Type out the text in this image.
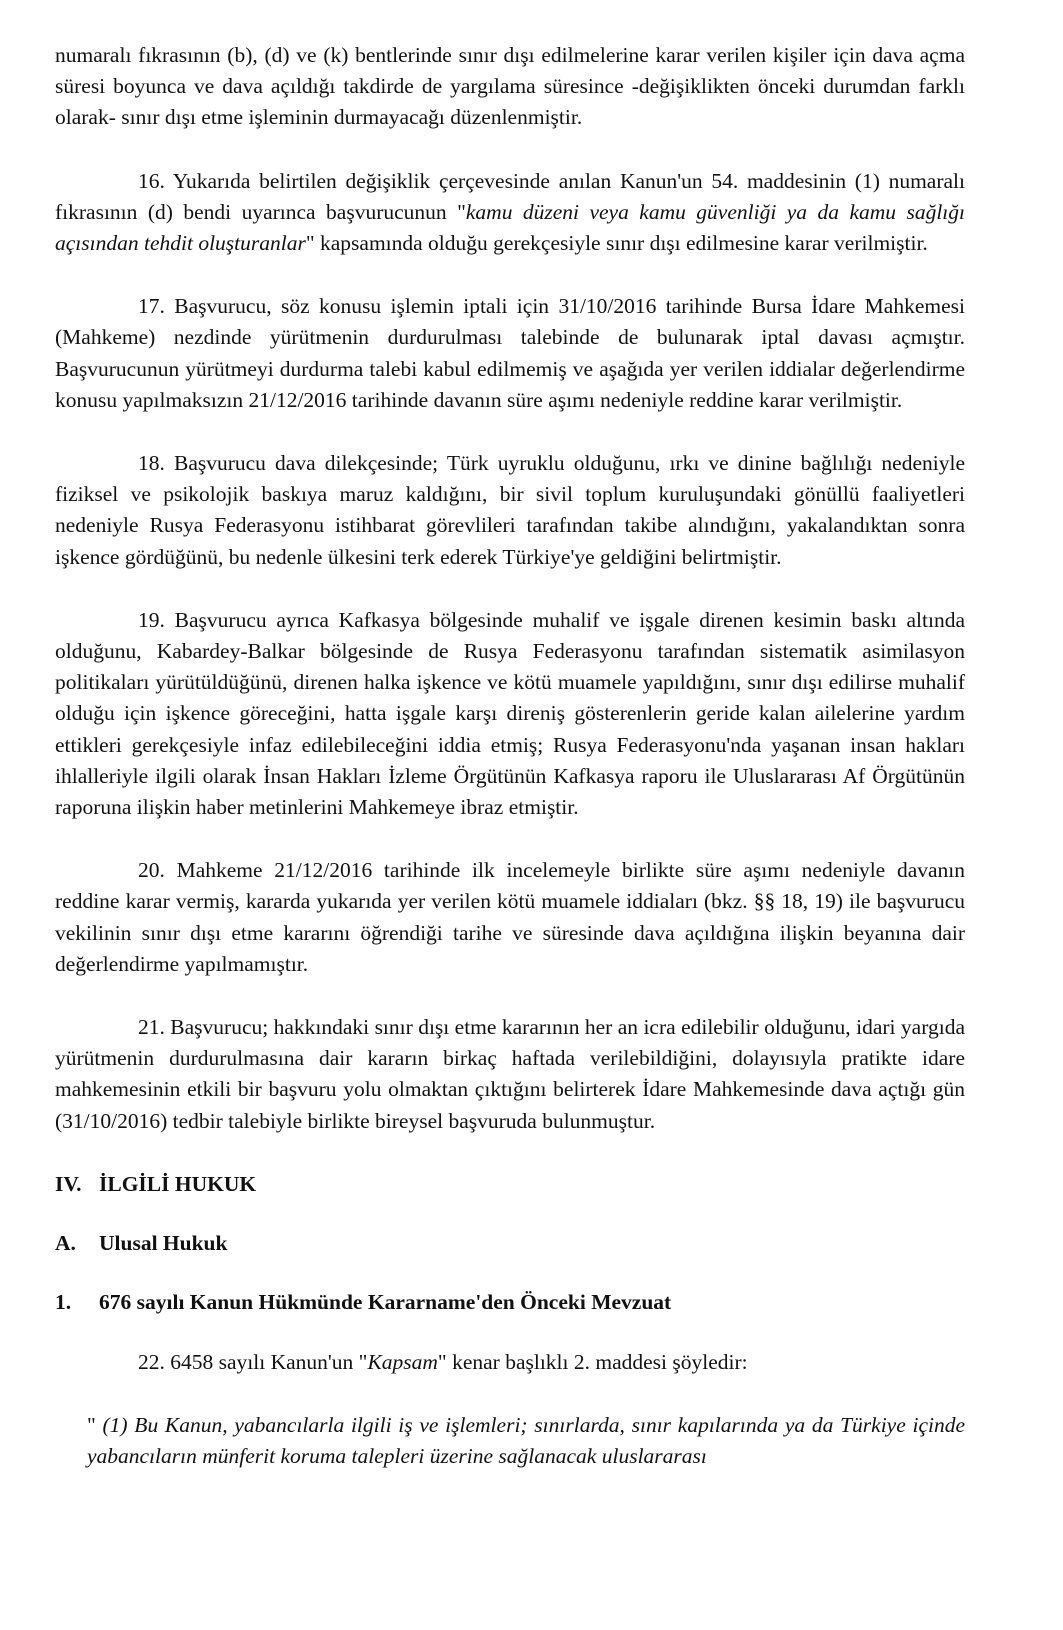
numaralı fıkrasının (b), (d) ve (k) bentlerinde sınır dışı edilmelerine karar verilen kişiler için dava açma süresi boyunca ve dava açıldığı takdirde de yargılama süresince -değişiklikten önceki durumdan farklı olarak- sınır dışı etme işleminin durmayacağı düzenlenmiştir.

16. Yukarıda belirtilen değişiklik çerçevesinde anılan Kanun'un 54. maddesinin (1) numaralı fıkrasının (d) bendi uyarınca başvurucunun "kamu düzeni veya kamu güvenliği ya da kamu sağlığı açısından tehdit oluşturanlar" kapsamında olduğu gerekçesiyle sınır dışı edilmesine karar verilmiştir.

17. Başvurucu, söz konusu işlemin iptali için 31/10/2016 tarihinde Bursa İdare Mahkemesi (Mahkeme) nezdinde yürütmenin durdurulması talebinde de bulunarak iptal davası açmıştır. Başvurucunun yürütmeyi durdurma talebi kabul edilmemiş ve aşağıda yer verilen iddialar değerlendirme konusu yapılmaksızın 21/12/2016 tarihinde davanın süre aşımı nedeniyle reddine karar verilmiştir.

18. Başvurucu dava dilekçesinde; Türk uyruklu olduğunu, ırkı ve dinine bağlılığı nedeniyle fiziksel ve psikolojik baskıya maruz kaldığını, bir sivil toplum kuruluşundaki gönüllü faaliyetleri nedeniyle Rusya Federasyonu istihbarat görevlileri tarafından takibe alındığını, yakalandıktan sonra işkence gördüğünü, bu nedenle ülkesini terk ederek Türkiye'ye geldiğini belirtmiştir.

19. Başvurucu ayrıca Kafkasya bölgesinde muhalif ve işgale direnen kesimin baskı altında olduğunu, Kabardey-Balkar bölgesinde de Rusya Federasyonu tarafından sistematik asimilasyon politikaları yürütüldüğünü, direnen halka işkence ve kötü muamele yapıldığını, sınır dışı edilirse muhalif olduğu için işkence göreceğini, hatta işgale karşı direniş gösterenlerin geride kalan ailelerine yardım ettikleri gerekçesiyle infaz edilebileceğini iddia etmiş; Rusya Federasyonu'nda yaşanan insan hakları ihlalleriyle ilgili olarak İnsan Hakları İzleme Örgütünün Kafkasya raporu ile Uluslararası Af Örgütünün raporuna ilişkin haber metinlerini Mahkemeye ibraz etmiştir.

20. Mahkeme 21/12/2016 tarihinde ilk incelemeyle birlikte süre aşımı nedeniyle davanın reddine karar vermiş, kararda yukarıda yer verilen kötü muamele iddiaları (bkz. §§ 18, 19) ile başvurucu vekilinin sınır dışı etme kararını öğrendiği tarihe ve süresinde dava açıldığına ilişkin beyanına dair değerlendirme yapılmamıştır.

21. Başvurucu; hakkındaki sınır dışı etme kararının her an icra edilebilir olduğunu, idari yargıda yürütmenin durdurulmasına dair kararın birkaç haftada verilebildiğini, dolayısıyla pratikte idare mahkemesinin etkili bir başvuru yolu olmaktan çıktığını belirterek İdare Mahkemesinde dava açtığı gün (31/10/2016) tedbir talebiyle birlikte bireysel başvuruda bulunmuştur.

IV. İLGİLİ HUKUK

A. Ulusal Hukuk

1. 676 sayılı Kanun Hükmünde Kararname'den Önceki Mevzuat

22. 6458 sayılı Kanun'un "Kapsam" kenar başlıklı 2. maddesi şöyledir:

" (1) Bu Kanun, yabancılarla ilgili iş ve işlemleri; sınırlarda, sınır kapılarında ya da Türkiye içinde yabancıların münferit koruma talepleri üzerine sağlanacak uluslararası
